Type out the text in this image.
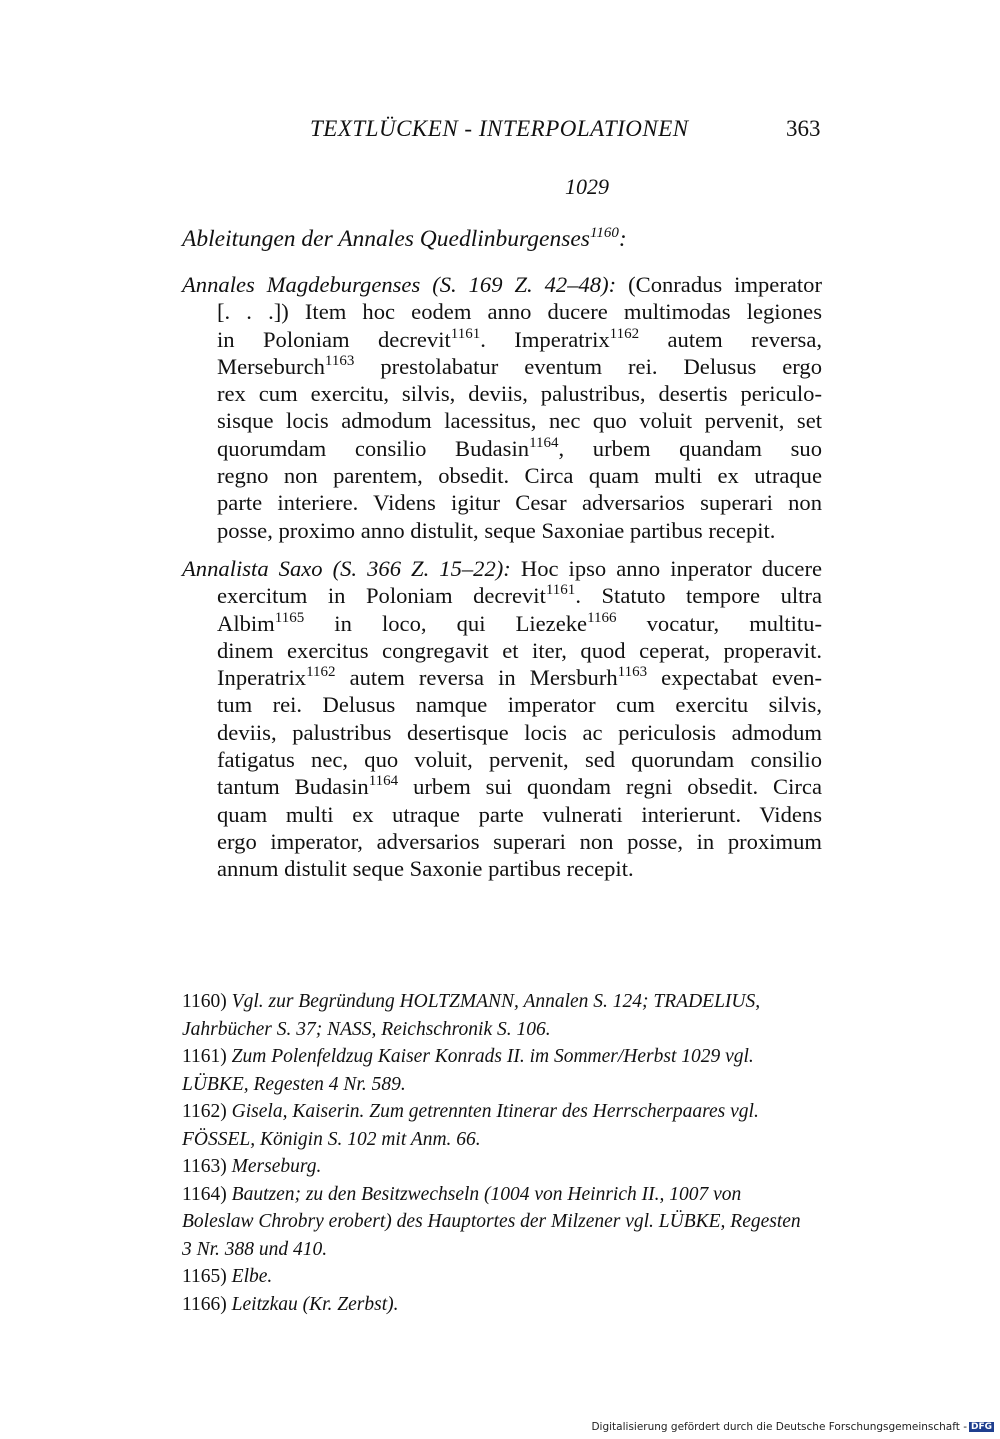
TEXTLÜCKEN - INTERPOLATIONEN	363
1029
Ableitungen der Annales Quedlinburgenses$^{1160}$:
Annales Magdeburgenses (S. 169 Z. 42–48): (Conradus imperator
[. . .]) Item hoc eodem anno ducere multimodas legiones
in Poloniam decrevit$^{1161}$. Imperatrix$^{1162}$ autem reversa,
Merseburch$^{1163}$ prestolabatur eventum rei. Delusus ergo
rex cum exercitu, silvis, deviis, palustribus, desertis periculo-
sisque locis admodum lacessitus, nec quo voluit pervenit, set
quorumdam consilio Budasin$^{1164}$, urbem quandam suo
regno non parentem, obsedit. Circa quam multi ex utraque
parte interiere. Videns igitur Cesar adversarios superari non
posse, proximo anno distulit, seque Saxoniae partibus recepit.
Annalista Saxo (S. 366 Z. 15–22): Hoc ipso anno inperator ducere
exercitum in Poloniam decrevit$^{1161}$. Statuto tempore ultra
Albim$^{1165}$ in loco, qui Liezeke$^{1166}$ vocatur, multitu-
dinem exercitus congregavit et iter, quod ceperat, properavit.
Inperatrix$^{1162}$ autem reversa in Mersburh$^{1163}$ expectabat even-
tum rei. Delusus namque imperator cum exercitu silvis,
deviis, palustribus desertisque locis ac periculosis admodum
fatigatus nec, quo voluit, pervenit, sed quorundam consilio
tantum Budasin$^{1164}$ urbem sui quondam regni obsedit. Circa
quam multi ex utraque parte vulnerati interierunt. Videns
ergo imperator, adversarios superari non posse, in proximum
annum distulit seque Saxonie partibus recepit.
1160) Vgl. zur Begründung HOLTZMANN, Annalen S. 124; TRADELIUS,
Jahrbücher S. 37; NASS, Reichschronik S. 106.
1161) Zum Polenfeldzug Kaiser Konrads II. im Sommer/Herbst 1029 vgl.
LÜBKE, Regesten 4 Nr. 589.
1162) Gisela, Kaiserin. Zum getrennten Itinerar des Herrscherpaares vgl.
FÖSSEL, Königin S. 102 mit Anm. 66.
1163) Merseburg.
1164) Bautzen; zu den Besitzwechseln (1004 von Heinrich II., 1007 von
Boleslaw Chrobry erobert) des Hauptortes der Milzener vgl. LÜBKE, Regesten
3 Nr. 388 und 410.
1165) Elbe.
1166) Leitzkau (Kr. Zerbst).
Digitalisierung gefördert durch die Deutsche Forschungsgemeinschaft - DFG
